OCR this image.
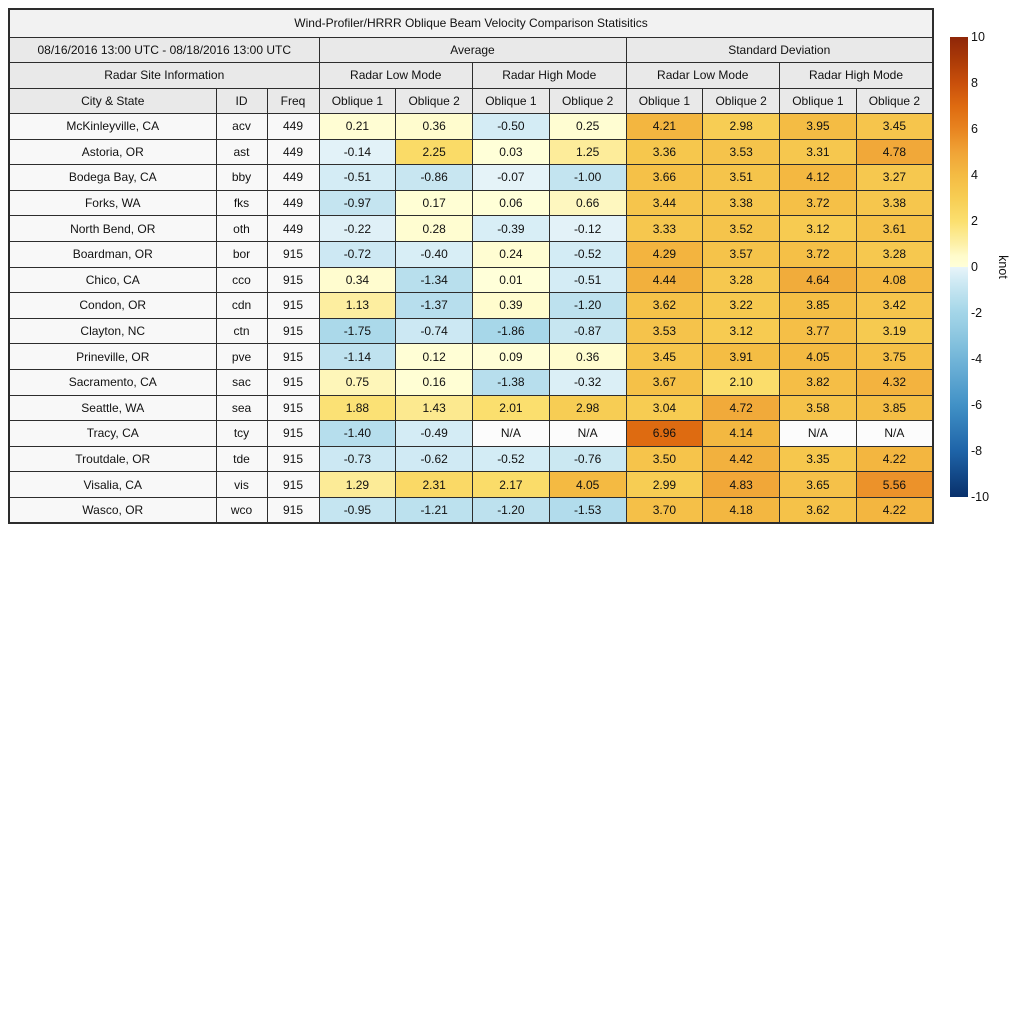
Wind-Profiler/HRRR Oblique Beam Velocity Comparison Statisitics										
08/16/2016 13:00 UTC - 08/18/2016 13:00 UTC			Average				Standard Deviation			
Radar Site Information			Radar Low Mode		Radar High Mode		Radar Low Mode		Radar High Mode	
City & State	ID	Freq	Oblique 1	Oblique 2	Oblique 1	Oblique 2	Oblique 1	Oblique 2	Oblique 1	Oblique 2
McKinleyville, CA	acv	449	0.21	0.36	-0.50	0.25	4.21	2.98	3.95	3.45
Astoria, OR	ast	449	-0.14	2.25	0.03	1.25	3.36	3.53	3.31	4.78
Bodega Bay, CA	bby	449	-0.51	-0.86	-0.07	-1.00	3.66	3.51	4.12	3.27
Forks, WA	fks	449	-0.97	0.17	0.06	0.66	3.44	3.38	3.72	3.38
North Bend, OR	oth	449	-0.22	0.28	-0.39	-0.12	3.33	3.52	3.12	3.61
Boardman, OR	bor	915	-0.72	-0.40	0.24	-0.52	4.29	3.57	3.72	3.28
Chico, CA	cco	915	0.34	-1.34	0.01	-0.51	4.44	3.28	4.64	4.08
Condon, OR	cdn	915	1.13	-1.37	0.39	-1.20	3.62	3.22	3.85	3.42
Clayton, NC	ctn	915	-1.75	-0.74	-1.86	-0.87	3.53	3.12	3.77	3.19
Prineville, OR	pve	915	-1.14	0.12	0.09	0.36	3.45	3.91	4.05	3.75
Sacramento, CA	sac	915	0.75	0.16	-1.38	-0.32	3.67	2.10	3.82	4.32
Seattle, WA	sea	915	1.88	1.43	2.01	2.98	3.04	4.72	3.58	3.85
Tracy, CA	tcy	915	-1.40	-0.49	N/A	N/A	6.96	4.14	N/A	N/A
Troutdale, OR	tde	915	-0.73	-0.62	-0.52	-0.76	3.50	4.42	3.35	4.22
Visalia, CA	vis	915	1.29	2.31	2.17	4.05	2.99	4.83	3.65	5.56
Wasco, OR	wco	915	-0.95	-1.21	-1.20	-1.53	3.70	4.18	3.62	4.22
10
8
6
4
2
0
-2
-4
-6
-8
-10
knot
